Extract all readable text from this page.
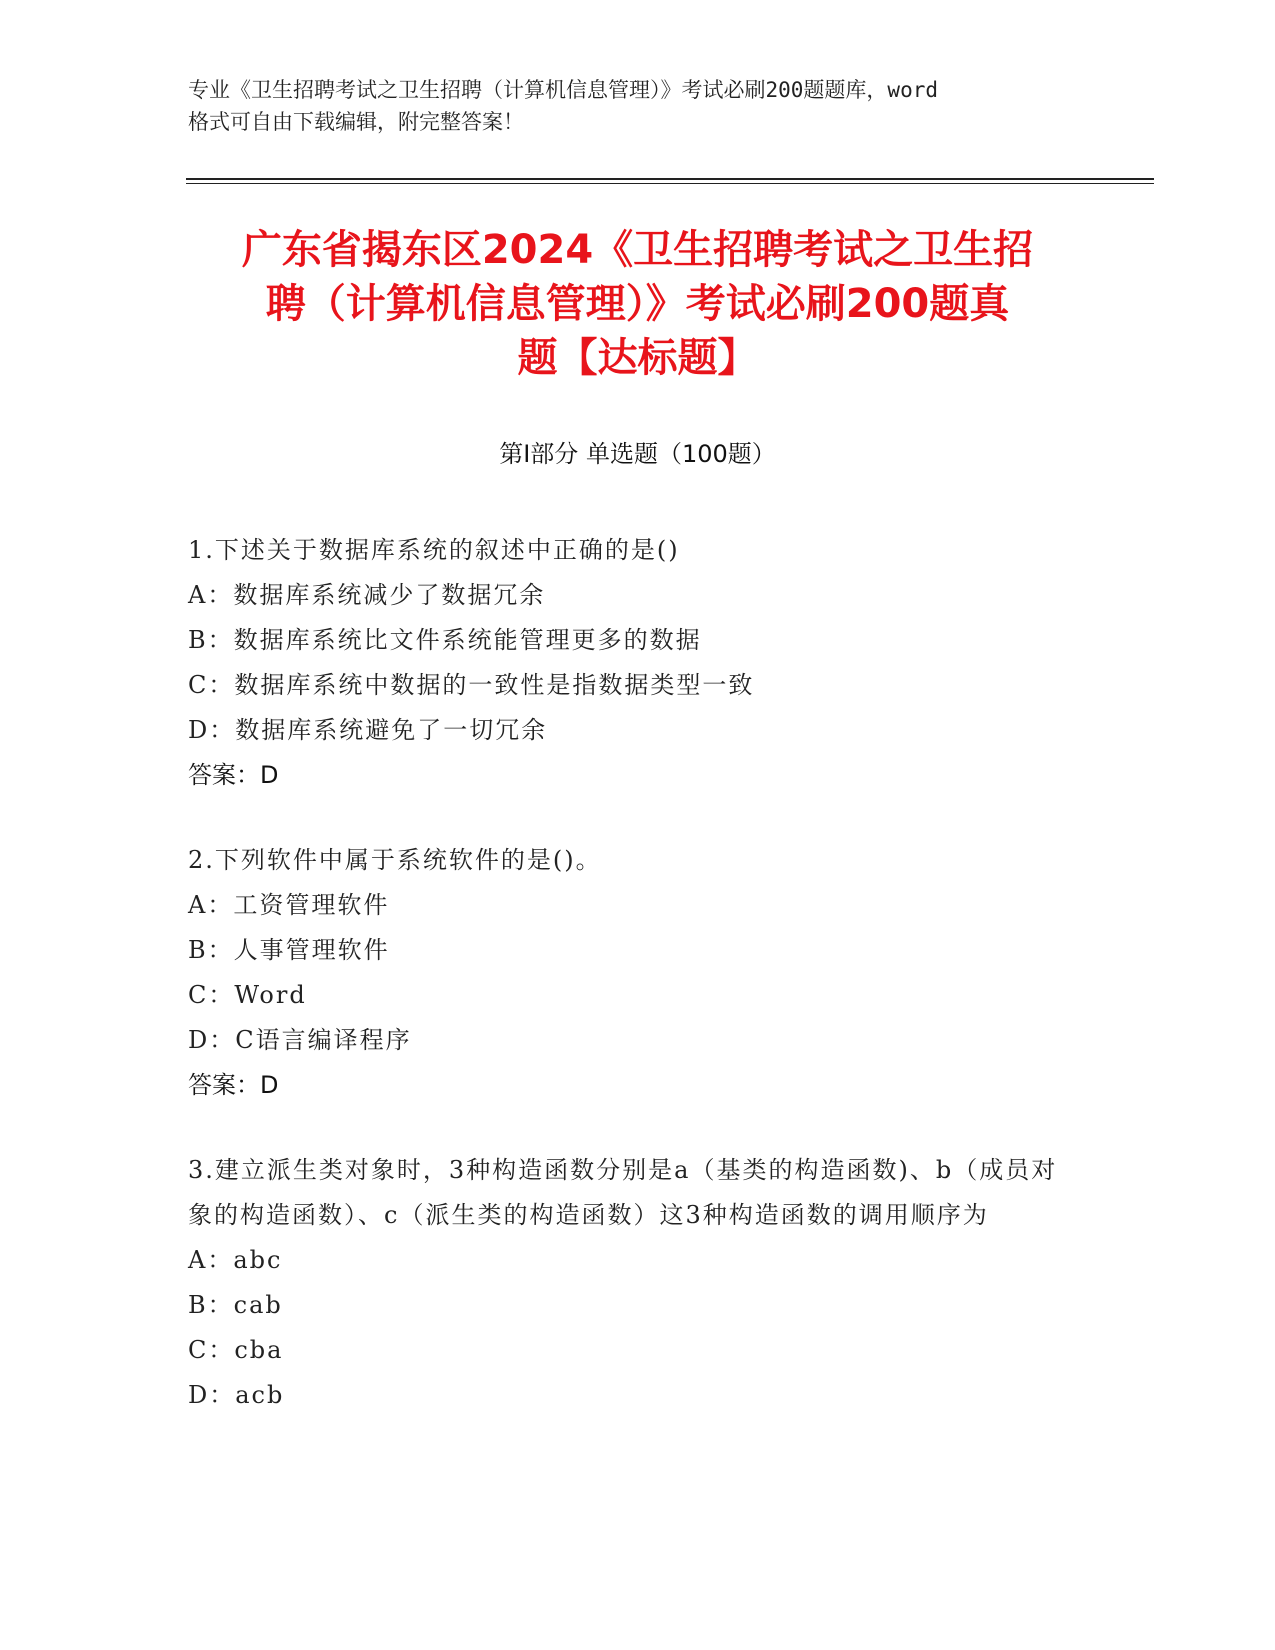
专业《卫生招聘考试之卫生招聘（计算机信息管理）》考试必刷200题题库，word
格式可自由下载编辑，附完整答案！
广东省揭东区2024《卫生招聘考试之卫生招
聘（计算机信息管理）》考试必刷200题真
题【达标题】
第Ⅰ部分 单选题（100题）
1.下述关于数据库系统的叙述中正确的是()
A：数据库系统减少了数据冗余
B：数据库系统比文件系统能管理更多的数据
C：数据库系统中数据的一致性是指数据类型一致
D：数据库系统避免了一切冗余
答案：D
2.下列软件中属于系统软件的是()。
A：工资管理软件
B：人事管理软件
C：Word
D：C语言编译程序
答案：D
3.建立派生类对象时，3种构造函数分别是a（基类的构造函数)、b（成员对象的构造函数）、c（派生类的构造函数）这3种构造函数的调用顺序为
A：abc
B：cab
C：cba
D：acb
